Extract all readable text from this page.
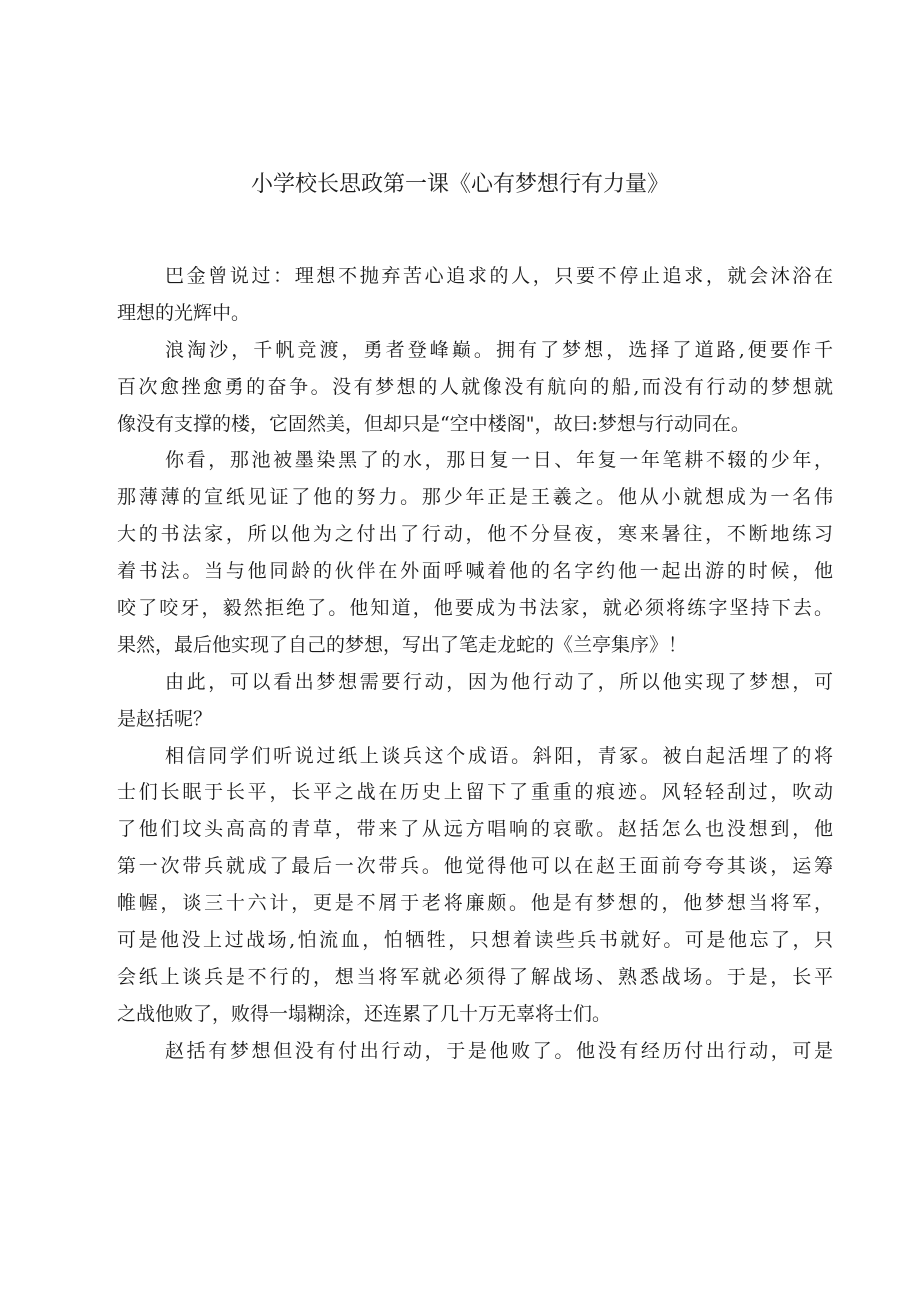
小学校长思政第一课《心有梦想行有力量》
巴金曾说过：理想不抛弃苦心追求的人，只要不停止追求，就会沐浴在
理想的光辉中。
浪淘沙，千帆竞渡，勇者登峰巅。拥有了梦想，选择了道路,便要作千
百次愈挫愈勇的奋争。没有梦想的人就像没有航向的船,而没有行动的梦想就
像没有支撑的楼，它固然美，但却只是“空中楼阁"，故曰:梦想与行动同在。
你看，那池被墨染黑了的水，那日复一日、年复一年笔耕不辍的少年，
那薄薄的宣纸见证了他的努力。那少年正是王羲之。他从小就想成为一名伟
大的书法家，所以他为之付出了行动，他不分昼夜，寒来暑往，不断地练习
着书法。当与他同龄的伙伴在外面呼喊着他的名字约他一起出游的时候，他
咬了咬牙，毅然拒绝了。他知道，他要成为书法家，就必须将练字坚持下去。
果然，最后他实现了自己的梦想，写出了笔走龙蛇的《兰亭集序》！
由此，可以看出梦想需要行动，因为他行动了，所以他实现了梦想，可
是赵括呢？
相信同学们听说过纸上谈兵这个成语。斜阳，青冢。被白起活埋了的将
士们长眠于长平，长平之战在历史上留下了重重的痕迹。风轻轻刮过，吹动
了他们坟头高高的青草，带来了从远方唱响的哀歌。赵括怎么也没想到，他
第一次带兵就成了最后一次带兵。他觉得他可以在赵王面前夸夸其谈，运筹
帷幄，谈三十六计，更是不屑于老将廉颇。他是有梦想的，他梦想当将军，
可是他没上过战场,怕流血，怕牺牲，只想着读些兵书就好。可是他忘了，只
会纸上谈兵是不行的，想当将军就必须得了解战场、熟悉战场。于是，长平
之战他败了，败得一塌糊涂，还连累了几十万无辜将士们。
赵括有梦想但没有付出行动，于是他败了。他没有经历付出行动，可是
